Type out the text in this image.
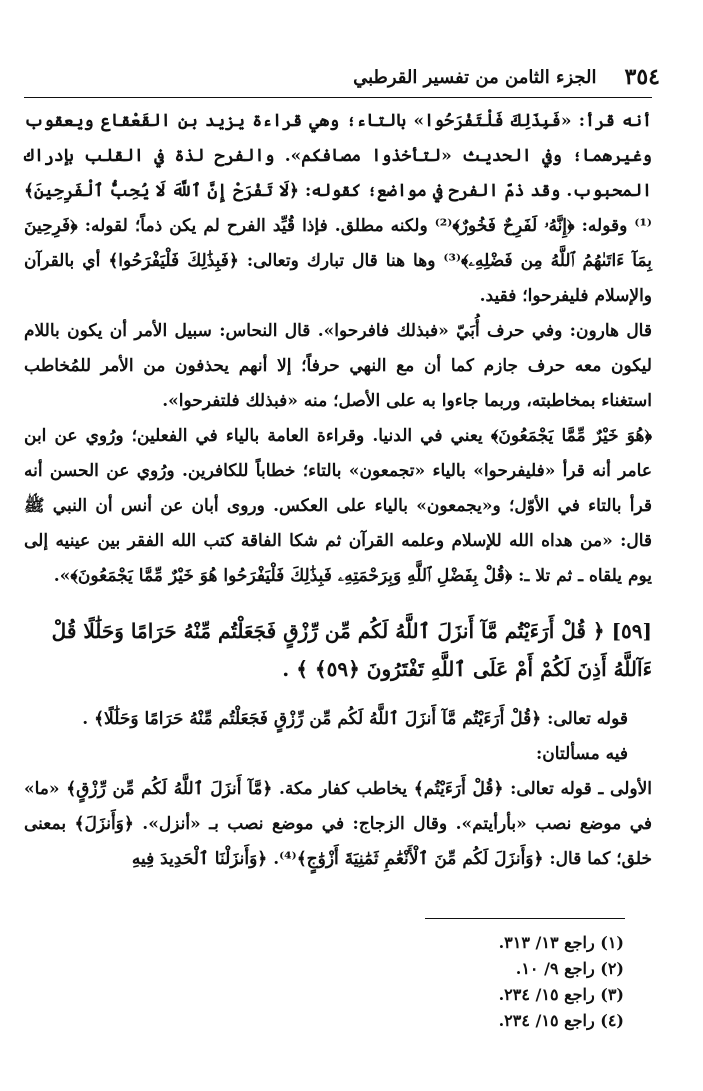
٣٥٤
الجزء الثامن من تفسير القرطبي

أنه قرأ: «فَبِذَلِكَ فَلْتَفْرَحُوا» بالتاء؛ وهي قراءة يزيد بن القَعْقاع ويعقوب وغيرهما؛ وفي الحديث «لتأخذوا مصافكم». والفرح لذة في القلب بإدراك المحبوب. وقد ذمّ الفرح في مواضع؛ كقوله: ﴿لَا تَفْرَحْ إِنَّ ٱللَّهَ لَا يُحِبُّ ٱلْفَرِحِينَ﴾⁽¹⁾ وقوله: ﴿إِنَّهُۥ لَفَرِحٌ فَخُورٌ﴾⁽²⁾ ولكنه مطلق. فإذا قُيِّد الفرح لم يكن ذماً؛ لقوله: ﴿فَرِحِينَ بِمَآ ءَاتَىٰهُمُ ٱللَّهُ مِن فَضْلِهِۦ﴾⁽³⁾ وها هنا قال تبارك وتعالى: ﴿فَبِذَٰلِكَ فَلْيَفْرَحُوا﴾ أي بالقرآن والإسلام فليفرحوا؛ فقيد.

قال هارون: وفي حرف أُبَيّ «فبذلك فافرحوا». قال النحاس: سبيل الأمر أن يكون باللام ليكون معه حرف جازم كما أن مع النهي حرفاً؛ إلا أنهم يحذفون من الأمر للمُخاطب استغناء بمخاطبته، وربما جاءوا به على الأصل؛ منه «فبذلك فلتفرحوا».

﴿هُوَ خَيْرٌ مِّمَّا يَجْمَعُونَ﴾ يعني في الدنيا. وقراءة العامة بالياء في الفعلين؛ ورُوي عن ابن عامر أنه قرأ «فليفرحوا» بالياء «تجمعون» بالتاء؛ خطاباً للكافرين. ورُوي عن الحسن أنه قرأ بالتاء في الأوّل؛ و«يجمعون» بالياء على العكس. وروى أبان عن أنس أن النبي ﷺ قال: «من هداه الله للإسلام وعلمه القرآن ثم شكا الفاقة كتب الله الفقر بين عينيه إلى يوم يلقاه ـ ثم تلا ـ: ﴿قُلْ بِفَضْلِ ٱللَّهِ وَبِرَحْمَتِهِۦ فَبِذَٰلِكَ فَلْيَفْرَحُوا هُوَ خَيْرٌ مِّمَّا يَجْمَعُونَ﴾».

[٥٩] ﴿ قُلْ أَرَءَيْتُم مَّآ أَنزَلَ ٱللَّهُ لَكُم مِّن رِّزْقٍ فَجَعَلْتُم مِّنْهُ حَرَامًا وَحَلَٰلًا قُلْ ءَآللَّهُ أَذِنَ لَكُمْ أَمْ عَلَى ٱللَّهِ تَفْتَرُونَ ﴿٥٩﴾ ﴾ .

قوله تعالى: ﴿قُلْ أَرَءَيْتُم مَّآ أَنزَلَ ٱللَّهُ لَكُم مِّن رِّزْقٍ فَجَعَلْتُم مِّنْهُ حَرَامًا وَحَلَٰلًا﴾ .

فيه مسألتان:

الأولى ـ قوله تعالى: ﴿قُلْ أَرَءَيْتُم﴾ يخاطب كفار مكة. ﴿مَّآ أَنزَلَ ٱللَّهُ لَكُم مِّن رِّزْقٍ﴾ «ما» في موضع نصب «بأرأيتم». وقال الزجاج: في موضع نصب بـ «أنزل». ﴿وَأَنزَلَ﴾ بمعنى خلق؛ كما قال: ﴿وَأَنزَلَ لَكُم مِّنَ ٱلْأَنْعَٰمِ ثَمَٰنِيَةَ أَزْوَٰجٍ﴾⁽⁴⁾. ﴿وَأَنزَلْنَا ٱلْحَدِيدَ فِيهِ

(١) راجع ١٣/ ٣١٣.
(٢) راجع ٩/ ١٠.
(٣) راجع ١٥/ ٢٣٤.
(٤) راجع ١٥/ ٢٣٤.
